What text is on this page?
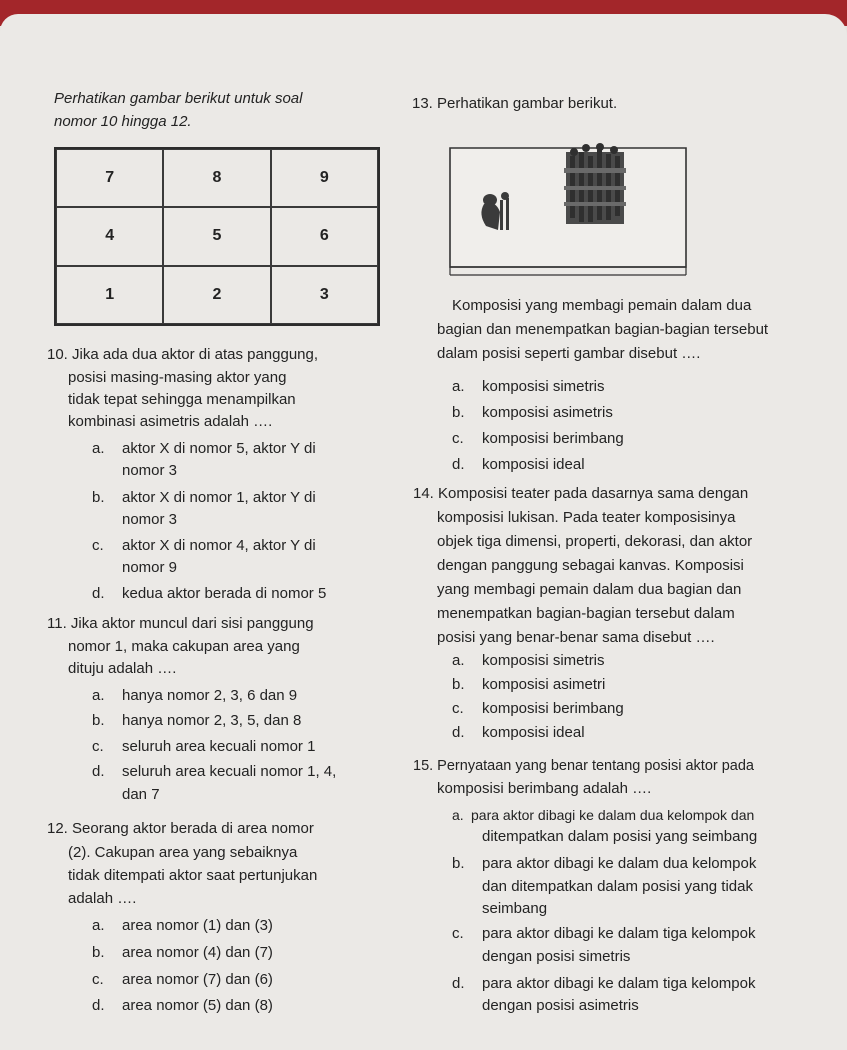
Perhatikan gambar berikut untuk soal
nomor 10 hingga 12.
7	8	9
4	5	6
1	2	3
10. Jika ada dua aktor di atas panggung,
posisi masing-masing aktor yang
tidak tepat sehingga menampilkan
kombinasi asimetris adalah ….
a. aktor X di nomor 5, aktor Y di
nomor 3
b. aktor X di nomor 1, aktor Y di
nomor 3
c. aktor X di nomor 4, aktor Y di
nomor 9
d. kedua aktor berada di nomor 5
11. Jika aktor muncul dari sisi panggung
nomor 1, maka cakupan area yang
dituju adalah ….
a. hanya nomor 2, 3, 6 dan 9
b. hanya nomor 2, 3, 5, dan 8
c. seluruh area kecuali nomor 1
d. seluruh area kecuali nomor 1, 4,
dan 7
12. Seorang aktor berada di area nomor
(2). Cakupan area yang sebaiknya
tidak ditempati aktor saat pertunjukan
adalah ….
a. area nomor (1) dan (3)
b. area nomor (4) dan (7)
c. area nomor (7) dan (6)
d. area nomor (5) dan (8)
13. Perhatikan gambar berikut.
Komposisi yang membagi pemain dalam dua
bagian dan menempatkan bagian-bagian tersebut
dalam posisi seperti gambar disebut ….
a. komposisi simetris
b. komposisi asimetris
c. komposisi berimbang
d. komposisi ideal
14. Komposisi teater pada dasarnya sama dengan
komposisi lukisan. Pada teater komposisinya
objek tiga dimensi, properti, dekorasi, dan aktor
dengan panggung sebagai kanvas. Komposisi
yang membagi pemain dalam dua bagian dan
menempatkan bagian-bagian tersebut dalam
posisi yang benar-benar sama disebut ….
a. komposisi simetris
b. komposisi asimetri
c. komposisi berimbang
d. komposisi ideal
15. Pernyataan yang benar tentang posisi aktor pada
komposisi berimbang adalah ….
a. para aktor dibagi ke dalam dua kelompok dan
ditempatkan dalam posisi yang seimbang
b. para aktor dibagi ke dalam dua kelompok
dan ditempatkan dalam posisi yang tidak
seimbang
c. para aktor dibagi ke dalam tiga kelompok
dengan posisi simetris
d. para aktor dibagi ke dalam tiga kelompok
dengan posisi asimetris
